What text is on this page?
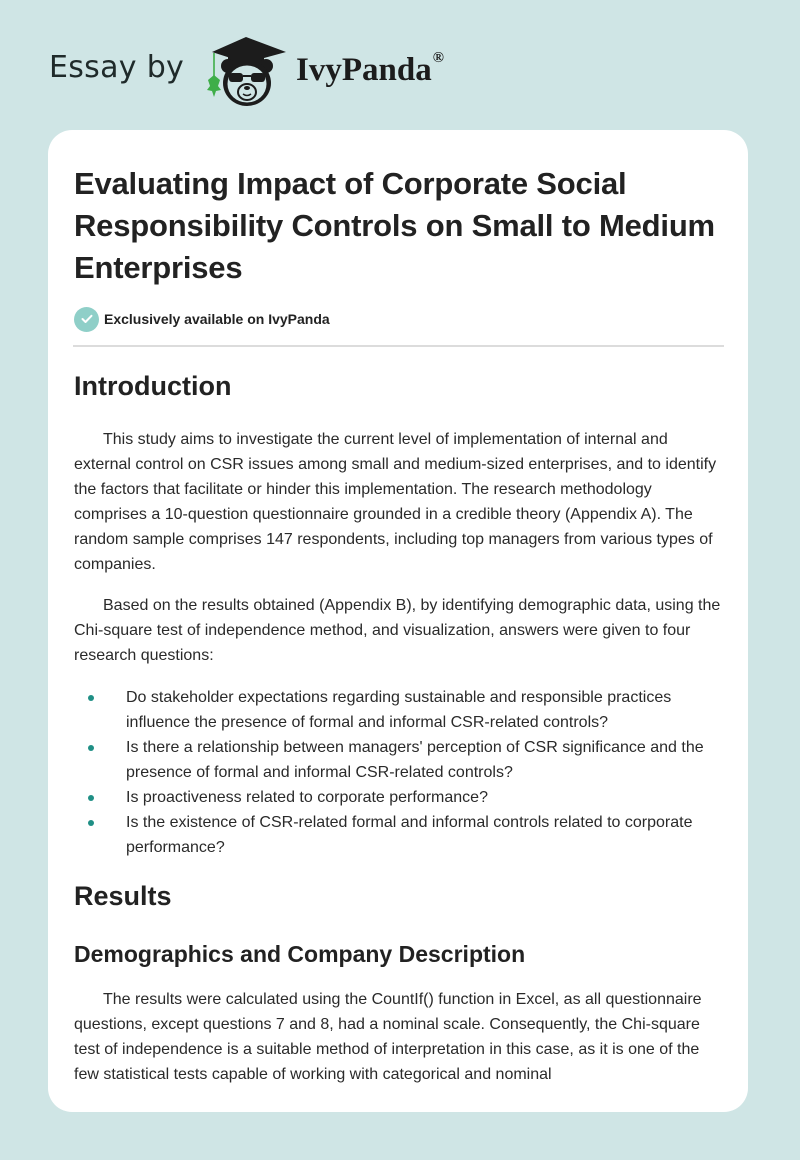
Essay by	IvyPanda®
Evaluating Impact of Corporate Social Responsibility Controls on Small to Medium Enterprises
Exclusively available on IvyPanda
Introduction

This study aims to investigate the current level of implementation of internal and external control on CSR issues among small and medium-sized enterprises, and to identify the factors that facilitate or hinder this implementation. The research methodology comprises a 10-question questionnaire grounded in a credible theory (Appendix A). The random sample comprises 147 respondents, including top managers from various types of companies.

Based on the results obtained (Appendix B), by identifying demographic data, using the Chi-square test of independence method, and visualization, answers were given to four research questions:

Do stakeholder expectations regarding sustainable and responsible practices influence the presence of formal and informal CSR-related controls?
Is there a relationship between managers' perception of CSR significance and the presence of formal and informal CSR-related controls?
Is proactiveness related to corporate performance?
Is the existence of CSR-related formal and informal controls related to corporate performance?
Results
Demographics and Company Description

The results were calculated using the CountIf() function in Excel, as all questionnaire questions, except questions 7 and 8, had a nominal scale. Consequently, the Chi-square test of independence is a suitable method of interpretation in this case, as it is one of the few statistical tests capable of working with categorical and nominal
